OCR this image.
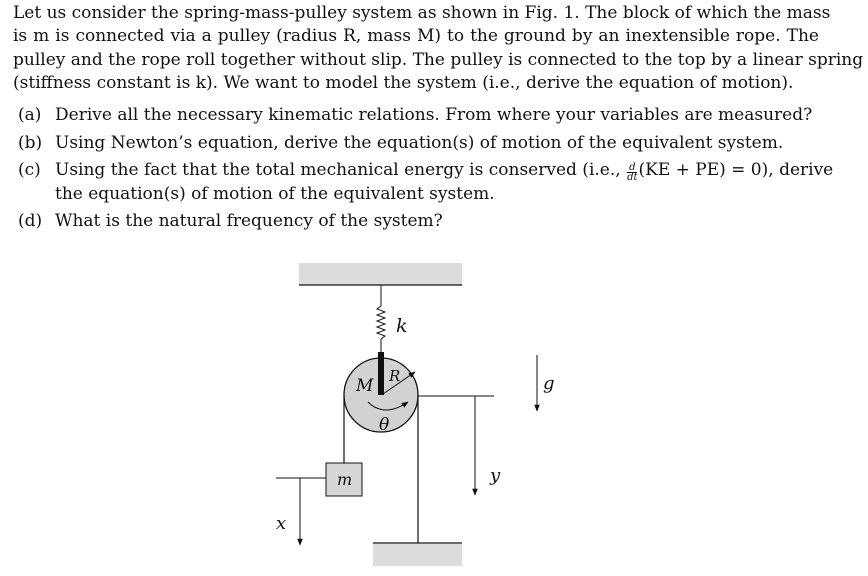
Let us consider the spring-mass-pulley system as shown in Fig. 1. The block of which the mass
is m is connected via a pulley (radius R, mass M) to the ground by an inextensible rope. The
pulley and the rope roll together without slip. The pulley is connected to the top by a linear spring
(stiffness constant is k). We want to model the system (i.e., derive the equation of motion).

(a) Derive all the necessary kinematic relations. From where your variables are measured?
(b) Using Newton’s equation, derive the equation(s) of motion of the equivalent system.
(c) Using the fact that the total mechanical energy is conserved (i.e., $\frac{d}{dt} (KE + PE) = 0$), derive
the equation(s) of motion of the equivalent system.
(d) What is the natural frequency of the system?
k
M R
θ
m
x
y
g
